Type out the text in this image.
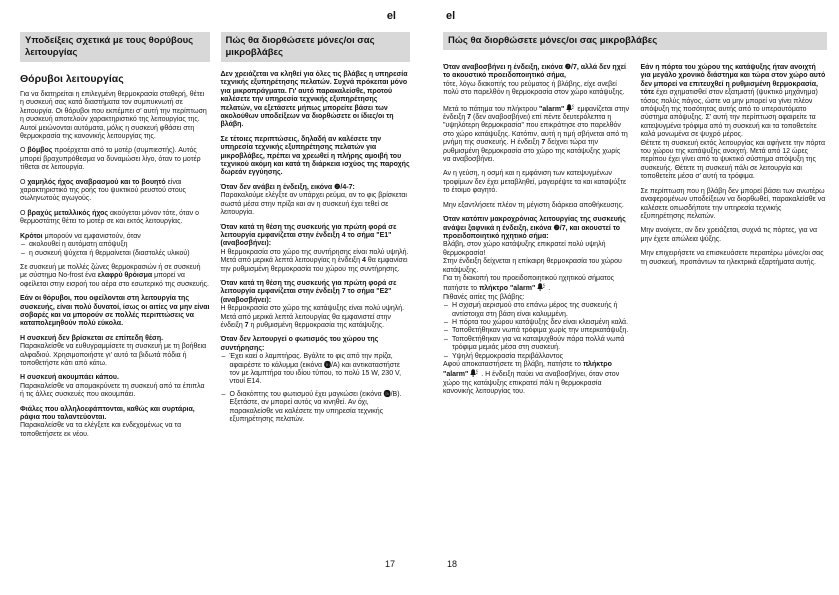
el
Υποδείξεις σχετικά με τους θορύβους λειτουργίας
Θόρυβοι λειτουργίας
Για να διατηρείται η επιλεγμένη θερμοκρασία σταθερή, θέτει η συσκευή σας κατά διαστήματα τον συμπυκνωτή σε λειτουργία. Οι θόρυβοι που εκπέμπει σ' αυτή την περίπτωση η συσκευή αποτελούν χαρακτηριστικό της λειτουργίας της. Αυτοί μειώνονται αυτόματα, μόλις η συσκευή φθάσει στη θερμοκρασία της κανονικής λειτουργίας της.
Ο βόμβος προέρχεται από το μοτέρ (συμπιεστής). Αυτός μπορεί βραχυπρόθεσμα να δυναμώσει λίγο, όταν το μοτέρ τίθεται σε λειτουργία.
Ο χαμηλός ήχος αναβρασμού και το βουητό είναι χαρακτηριστικό της ροής του ψυκτικού ρευστού στους σωληνωτούς αγωγούς.
Ο βραχύς μεταλλικός ήχος ακούγεται μόνον τότε, όταν ο θερμοστάτης θέτει το μοτέρ σε και εκτός λειτουργίας.
Κρότοι μπορούν να εμφανιστούν, όταν
– ακολουθεί η αυτόματη απόψυξη
– η συσκευή ψύχεται ή θερμαίνεται (διαστολές υλικού)
Σε συσκευή με πολλές ζώνες θερμοκρασιών ή σε συσκευή με σύστημα No-frost ένα ελαφρύ θρόισμα μπορεί να οφείλεται στην εισροή του αέρα στο εσωτερικό της συσκευής.
Εάν οι θόρυβοι, που οφείλονται στη λειτουργία της συσκευής, είναι πολύ δυνατοί, ίσως οι αιτίες να μην είναι σοβαρές και να μπορούν σε πολλές περιπτώσεις να καταπολεμηθούν πολύ εύκολα.
Η συσκευή δεν βρίσκεται σε επίπεδη θέση.
Παρακαλείσθε να ευθυγραμμίσετε τη συσκευή με τη βοήθεια αλφαδιού. Χρησιμοποιήστε γι' αυτό τα βιδωτά πόδια ή τοποθετήστε κάτι από κάτω.
Η συσκευή ακουμπάει κάπου.
Παρακαλείσθε να απομακρύνετε τη συσκευή από τα έπιπλα ή τις άλλες συσκευές που ακουμπάει.
Φιάλες που αλληλοεφάπτονται, καθώς και συρτάρια, ράφια που ταλαντεύονται.
Παρακαλείσθε να τα ελέγξετε και ενδεχομένως να τα τοποθετήσετε εκ νέου.
Πώς θα διορθώσετε μόνες/οι σας μικροβλάβες
Δεν χρειάζεται να κληθεί για όλες τις βλάβες η υπηρεσία τεχνικής εξυπηρέτησης πελατών. Συχνά πρόκειται μόνο για μικροπράγματα. Γι' αυτό παρακαλείσθε, προτού καλέσετε την υπηρεσία τεχνικής εξυπηρέτησης πελατών, να εξετάσετε μήπως μπορείτε βάσει των ακολούθων υποδείξεων να διορθώσετε οι ίδιες/οι τη βλάβη.
Σε τέτοιες περιπτώσεις, δηλαδή αν καλέσετε την υπηρεσία τεχνικής εξυπηρέτησης πελατών για μικροβλάβες, πρέπει να χρεωθεί η πλήρης αμοιβή του τεχνικού ακόμη και κατά τη διάρκεια ισχύος της παροχής δωρεάν εγγύησης.
Όταν δεν ανάβει η ένδειξη, εικόνα ❷/4-7:
Παρακαλούμε ελέγξτε αν υπάρχει ρεύμα, αν το φις βρίσκεται σωστά μέσα στην πρίζα και αν η συσκευή έχει τεθεί σε λειτουργία.
Όταν κατά τη θέση της συσκευής για πρώτη φορά σε λειτουργία εμφανίζεται στην ένδειξη 4 το σήμα "E1" (αναβοσβήνει):
Η θερμοκρασία στο χώρο της συντήρησης είναι πολύ υψηλή. Μετά από μερικά λεπτά λειτουργίας η ένδειξη 4 θα εμφανίσει την ρυθμισμένη θερμοκρασία του χώρου της συντήρησης.
Όταν κατά τη θέση της συσκευής για πρώτη φορά σε λειτουργία εμφανίζεται στην ένδειξη 7 το σήμα "E2" (αναβοσβήνει):
Η θερμοκρασία στο χώρο της κατάψυξης είναι πολύ υψηλή. Μετά από μερικά λεπτά λειτουργίας θα εμφανιστεί στην ένδειξη 7 η ρυθμισμένη θερμοκρασία της κατάψυξης.
Όταν δεν λειτουργεί ο φωτισμός του χώρου της συντήρησης:
– Έχει καεί ο λαμπτήρας. Βγάλτε το φις από την πρίζα, αφαιρέστε το κάλυμμα (εικόνα ⓰/A) και αντικαταστήστε τον με λαμπτήρα του ιδίου τύπου, το πολύ 15 W, 230 V, ντουί E14.
– Ο διακόπτης του φωτισμού έχει μαγκώσει (εικόνα ⓰/B). Εξετάστε, αν μπορεί αυτός να κινηθεί. Αν όχι, παρακαλείσθε να καλέσετε την υπηρεσία τεχνικής εξυπηρέτησης πελατών.
17
el
Πώς θα διορθώσετε μόνες/οι σας μικροβλάβες
Όταν αναβοσβήνει η ένδειξη, εικόνα ❷/7, αλλά δεν ηχεί το ακουστικό προειδοποιητικό σήμα,
τότε, λόγω διακοπής του ρεύματος ή βλάβης, είχε ανεβεί πολύ στο παρελθόν η θερμοκρασία στον χώρο κατάψυξης.
Μετά το πάτημα του πλήκτρου "alarm"
εμφανίζεται στην ένδειξη 7 (δεν αναβοσβήνει) επί πέντε δευτερόλεπτα η "υψηλότερη θερμοκρασία" που επικράτησε στο παρελθόν στο χώρο κατάψυξης. Κατόπιν, αυτή η τιμή σβήνεται από τη μνήμη της συσκευής. Η ένδειξη 7 δείχνει τώρα την ρυθμισμένη θερμοκρασία στο χώρο της κατάψυξης χωρίς να αναβοσβήνει.
Αν η γεύση, η οσμή και η εμφάνιση των κατεψυγμένων τροφίμων δεν έχει μεταβληθεί, μαγειρέψτε τα και καταψύξτε το έτοιμο φαγητό.
Μην εξαντλήσετε πλέον τη μέγιστη διάρκεια αποθήκευσης.
Όταν κατόπιν μακροχρόνιας λειτουργίας της συσκευής ανάψει ξαφνικά η ένδειξη, εικόνα ❷/7, και ακουστεί το προειδοποιητικό ηχητικό σήμα:
Βλάβη, στον χώρο κατάψυξης επικρατεί πολύ υψηλή θερμοκρασία!
Στην ένδειξη δείχνεται η επίκαιρη θερμοκρασία του χώρου κατάψυξης.
Για τη διακοπή του προειδοποιητικού ηχητικού σήματος πατήστε το πλήκτρο "alarm"
.
Πιθανές αιτίες της βλάβης:
– Η σχισμή αερισμού στο επάνω μέρος της συσκευής ή αντίστοιχα στη βάση είναι καλυμμένη.
– Η πόρτα του χώρου κατάψυξης δεν είναι κλεισμένη καλά.
– Τοποθετήθηκαν νωπά τρόφιμα χωρίς την υπερκατάψυξη.
– Τοποθετήθηκαν για να καταψυχθούν πάρα πολλά νωπά τρόφιμα μεμιάς μέσα στη συσκευή.
– Υψηλή θερμοκρασία περιβάλλοντος
Αφού αποκαταστήσετε τη βλάβη, πατήστε το πλήκτρο "alarm"
. Η ένδειξη παύει να αναβοσβήνει, όταν στον χώρο της κατάψυξης επικρατεί πάλι η θερμοκρασία κανονικής λειτουργίας του.
Εάν η πόρτα του χώρου της κατάψυξης ήταν ανοιχτή για μεγάλο χρονικό διάστημα και τώρα στον χώρο αυτό δεν μπορεί να επιτευχθεί η ρυθμισμένη θερμοκρασία, τότε έχει σχηματισθεί στον εξατμιστή (ψυκτικό μηχάνημα) τόσος πολύς πάγος, ώστε να μην μπορεί να γίνει πλέον απόψυξη της ποσότητας αυτής από το υπεραυτόματο σύστημα απόψυξης. Σ' αυτή την περίπτωση αφαιρείτε τα κατεψυγμένα τρόφιμα από τη συσκευή και τα τοποθετείτε καλά μονωμένα σε ψυχρό μέρος.
Θέτετε τη συσκευή εκτός λειτουργίας και αφήνετε την πόρτα του χώρου της κατάψυξης ανοιχτή. Μετά από 12 ώρες περίπου έχει γίνει από το ψυκτικό σύστημα απόψυξη της συσκευής. Θέτετε τη συσκευή πάλι σε λειτουργία και τοποθετείτε μέσα σ' αυτή τα τρόφιμα.
Σε περίπτωση που η βλάβη δεν μπορεί βάσει των ανωτέρω αναφερομένων υποδείξεων να διορθωθεί, παρακαλείσθε να καλέσετε οπωσδήποτε την υπηρεσία τεχνικής εξυπηρέτησης πελατών.
Μην ανοίγετε, αν δεν χρειάζεται, συχνά τις πόρτες, για να μην έχετε απώλεια ψύξης.
Μην επιχειρήσετε να επισκευάσετε περαιτέρω μόνες/οι σας τη συσκευή, προπάντων τα ηλεκτρικά εξαρτήματα αυτής.
18
